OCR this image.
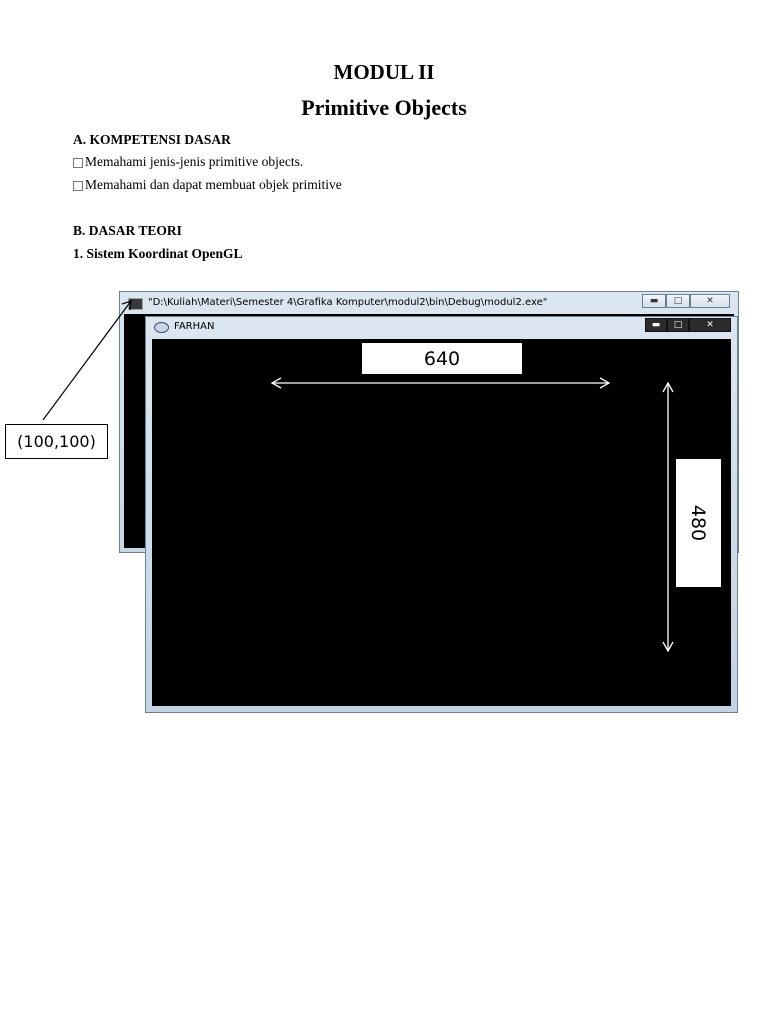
MODUL II
Primitive Objects
A. KOMPETENSI DASAR
Memahami jenis-jenis primitive objects.
Memahami dan dapat membuat objek primitive
B. DASAR TEORI
1. Sistem Koordinat OpenGL
"D:\Kuliah\Materi\Semester 4\Grafika Komputer\modul2\bin\Debug\modul2.exe"	▬	□	✕
FARHAN	▬	□	✕
640
480
(100,100)
